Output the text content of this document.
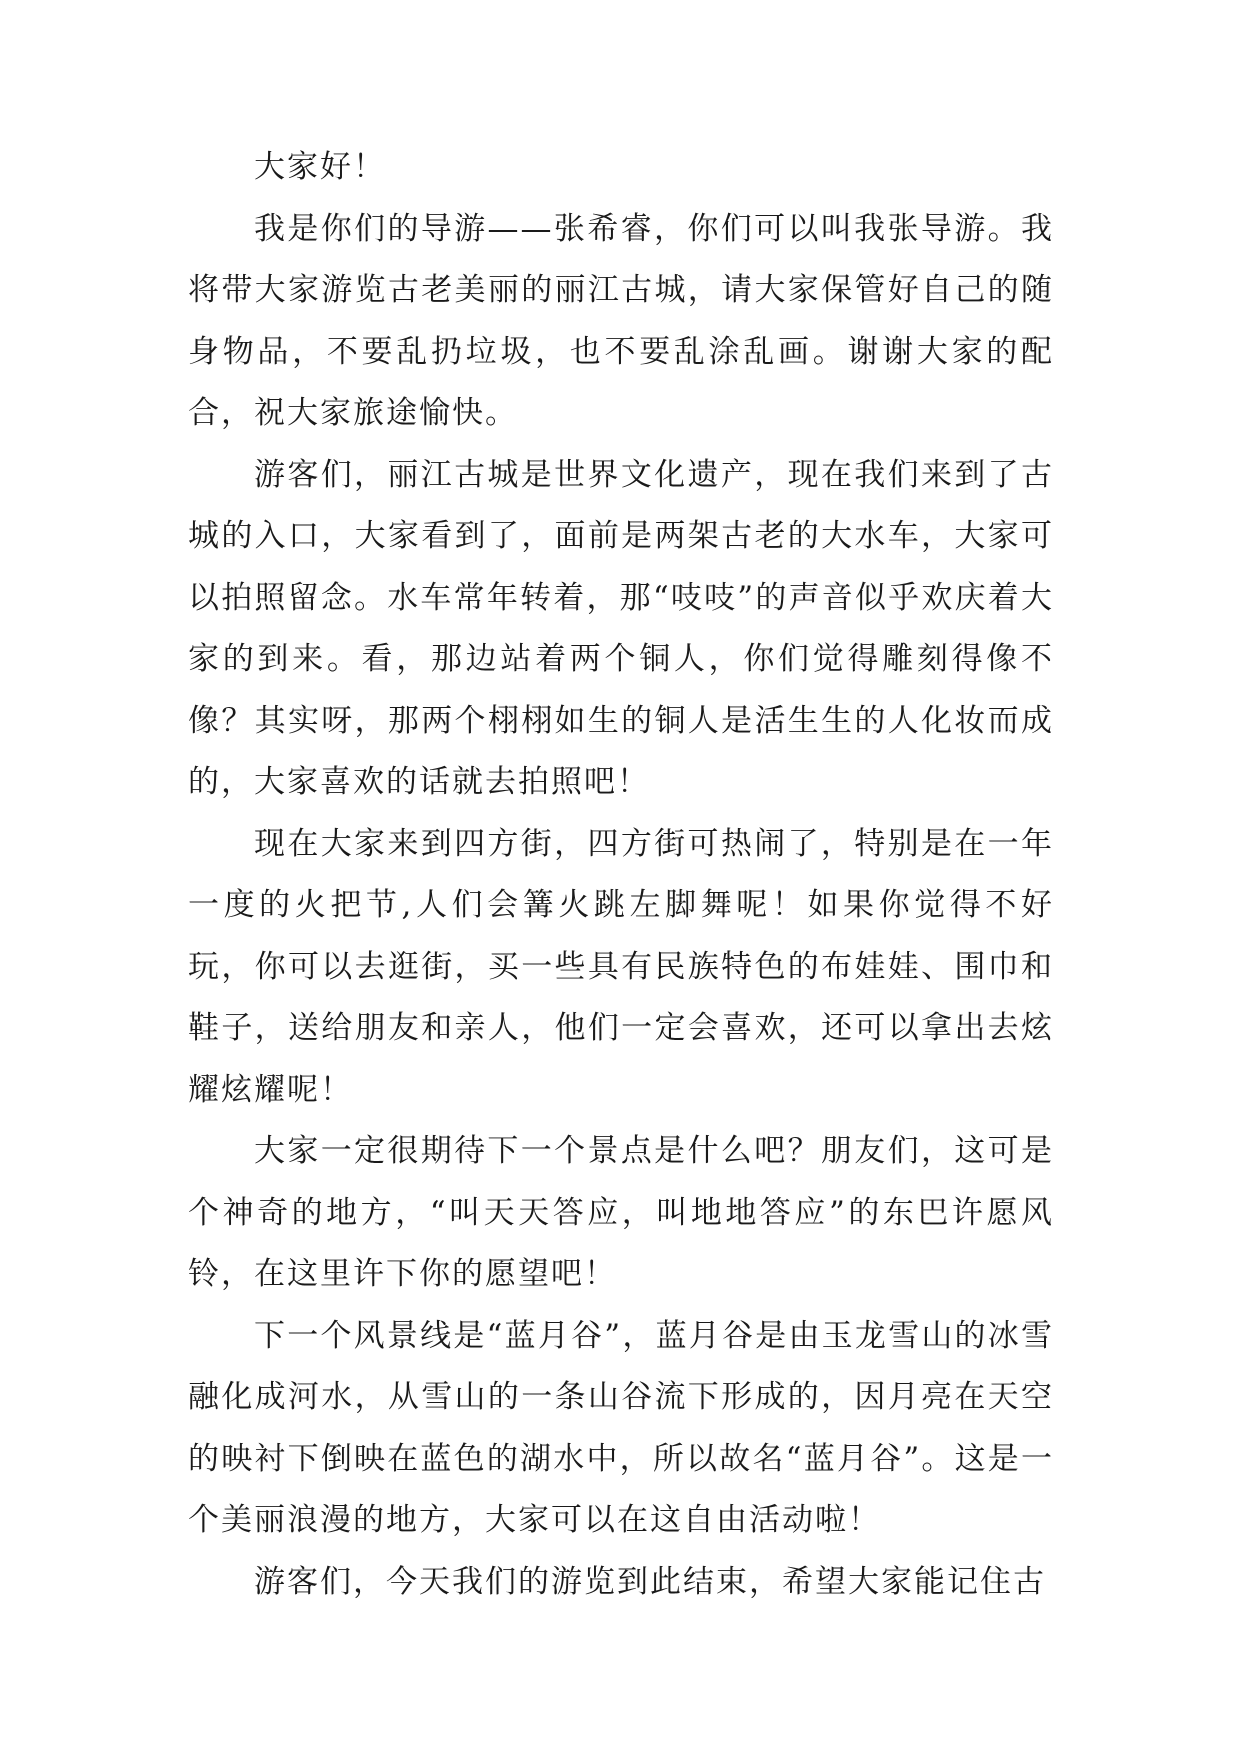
大家好！

我是你们的导游——张希睿，你们可以叫我张导游。我将带大家游览古老美丽的丽江古城，请大家保管好自己的随身物品，不要乱扔垃圾，也不要乱涂乱画。谢谢大家的配合，祝大家旅途愉快。

游客们，丽江古城是世界文化遗产，现在我们来到了古城的入口，大家看到了，面前是两架古老的大水车，大家可以拍照留念。水车常年转着，那“吱吱”的声音似乎欢庆着大家的到来。看，那边站着两个铜人，你们觉得雕刻得像不像？其实呀，那两个栩栩如生的铜人是活生生的人化妆而成的，大家喜欢的话就去拍照吧！

现在大家来到四方街，四方街可热闹了，特别是在一年一度的火把节,人们会篝火跳左脚舞呢！如果你觉得不好玩，你可以去逛街，买一些具有民族特色的布娃娃、围巾和鞋子，送给朋友和亲人，他们一定会喜欢，还可以拿出去炫耀炫耀呢！

大家一定很期待下一个景点是什么吧？朋友们，这可是个神奇的地方，“叫天天答应，叫地地答应”的东巴许愿风铃，在这里许下你的愿望吧！

下一个风景线是“蓝月谷”，蓝月谷是由玉龙雪山的冰雪融化成河水，从雪山的一条山谷流下形成的，因月亮在天空的映衬下倒映在蓝色的湖水中，所以故名“蓝月谷”。这是一个美丽浪漫的地方，大家可以在这自由活动啦！

游客们，今天我们的游览到此结束，希望大家能记住古
